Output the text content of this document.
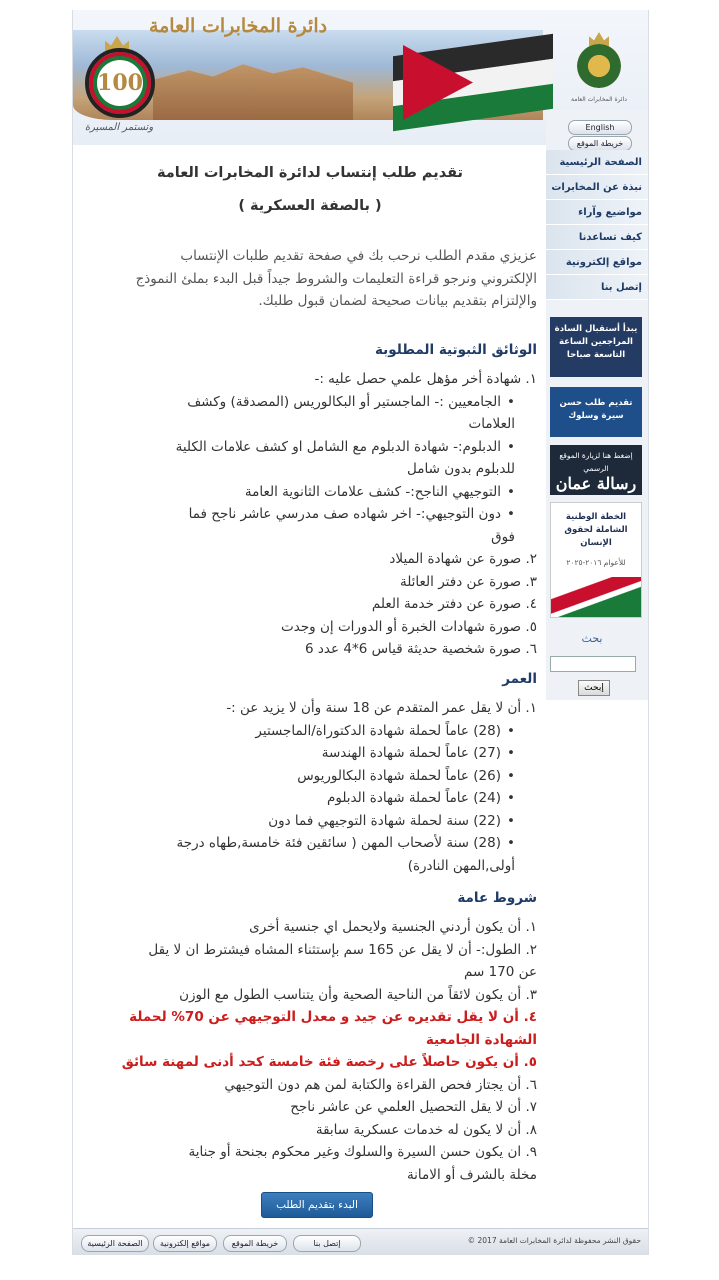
دائرة المخابرات العامة
100
وتستمر المسيرة
دائرة المخابرات العامة
English
خريطة الموقع
الصفحة الرئيسية
نبذة عن المخابرات
مواضيع وآراء
كيف تساعدنا
مواقع إلكترونية
إتصل بنا
يبدأ أستقبال السادة المراجعين الساعة التاسعة صباحا
تقديم طلب حسن سيرة وسلوك
إضغط هنا لزيارة الموقع الرسمي
رسالة عمان
الخطة الوطنية الشاملة لحقوق الإنسان
للأعوام ٢٠١٦-٢٠٢٥
بحث
إبحث
تقديم طلب إنتساب لدائرة المخابرات العامة
( بالصفة العسكرية )
عزيزي مقدم الطلب نرحب بك في صفحة تقديم طلبات الإنتساب
الإلكتروني ونرجو قراءة التعليمات والشروط جيداً قبل البدء بملئ النموذج
والإلتزام بتقديم بيانات صحيحة لضمان قبول طلبك.
الوثائق الثبوتية المطلوبة
١. شهادة أخر مؤهل علمي حصل عليه :-
•الجامعيين :- الماجستير أو البكالوريس (المصدقة) وكشف
العلامات
•الدبلوم:- شهادة الدبلوم مع الشامل او كشف علامات الكلية
للدبلوم بدون شامل
•التوجيهي الناجح:- كشف علامات الثانوية العامة
•دون التوجيهي:- اخر شهاده صف مدرسي عاشر ناجح فما
فوق
٢. صورة عن شهادة الميلاد
٣. صورة عن دفتر العائلة
٤. صورة عن دفتر خدمة العلم
٥. صورة شهادات الخبرة أو الدورات إن وجدت
٦. صورة شخصية حديثة قياس 6*4 عدد 6
العمر
١. أن لا يقل عمر المتقدم عن 18 سنة وأن لا يزيد عن :-
•(28) عاماً لحملة شهادة الدكتوراة/الماجستير
•(27) عاماً لحملة شهادة الهندسة
•(26) عاماً لحملة شهادة البكالوريوس
•(24) عاماً لحملة شهادة الدبلوم
•(22) سنة لحملة شهادة التوجيهي فما دون
•(28) سنة لأصحاب المهن ( سائقين فئة خامسة,طهاه درجة
أولى,المهن النادرة)
شروط عامة
١. أن يكون أردني الجنسية ولايحمل اي جنسية أخرى
٢. الطول:- أن لا يقل عن 165 سم بإستثناء المشاه فيشترط ان لا يقل
عن 170 سم
٣. أن يكون لائقاً من الناحية الصحية وأن يتناسب الطول مع الوزن
٤. أن لا يقل تقديره عن جيد و معدل التوجيهي عن 70% لحملة
الشهادة الجامعية
٥. أن يكون حاصلاً على رخصة فئة خامسة كحد أدنى لمهنة سائق
٦. أن يجتاز فحص القراءة والكتابة لمن هم دون التوجيهي
٧. أن لا يقل التحصيل العلمي عن عاشر ناجح
٨. أن لا يكون له خدمات عسكرية سابقة
٩. ان يكون حسن السيرة والسلوك وغير محكوم بجنحة أو جناية
مخلة بالشرف أو الامانة
البدء بتقديم الطلب
الصفحة الرئيسية	مواقع إلكترونية	خريطة الموقع	إتصل بنا	حقوق النشر محفوظة لدائرة المخابرات العامة 2017 ©
